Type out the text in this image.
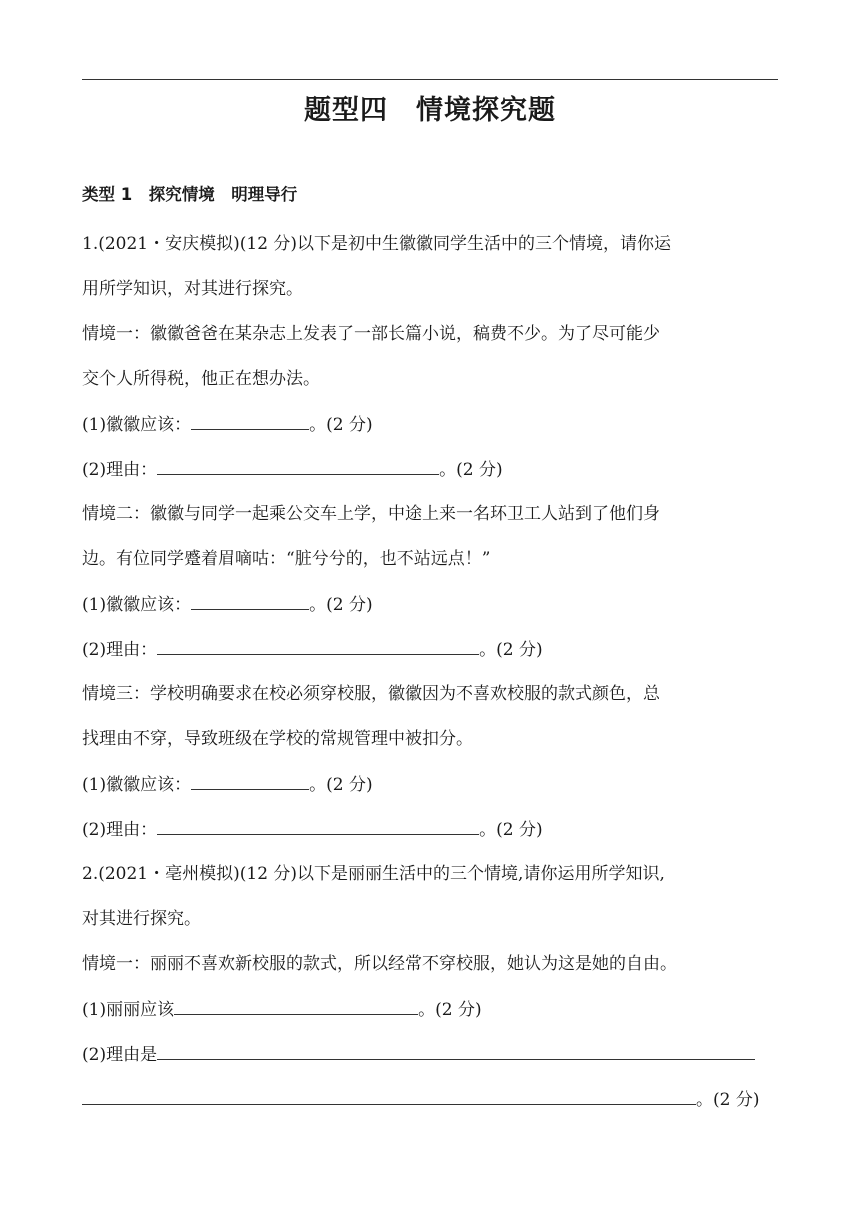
题型四　情境探究题
类型 1　探究情境　明理导行
1.(2021・安庆模拟)(12 分)以下是初中生徽徽同学生活中的三个情境，请你运
用所学知识，对其进行探究。
情境一：徽徽爸爸在某杂志上发表了一部长篇小说，稿费不少。为了尽可能少
交个人所得税，他正在想办法。
(1)徽徽应该：	。(2 分)
(2)理由：	。(2 分)
情境二：徽徽与同学一起乘公交车上学，中途上来一名环卫工人站到了他们身
边。有位同学蹙着眉嘀咕：“脏兮兮的，也不站远点！”
(1)徽徽应该：	。(2 分)
(2)理由：	。(2 分)
情境三：学校明确要求在校必须穿校服，徽徽因为不喜欢校服的款式颜色，总
找理由不穿，导致班级在学校的常规管理中被扣分。
(1)徽徽应该：	。(2 分)
(2)理由：	。(2 分)
2.(2021・亳州模拟)(12 分)以下是丽丽生活中的三个情境,请你运用所学知识,
对其进行探究。
情境一：丽丽不喜欢新校服的款式，所以经常不穿校服，她认为这是她的自由。
(1)丽丽应该	。(2 分)
(2)理由是
。(2 分)
